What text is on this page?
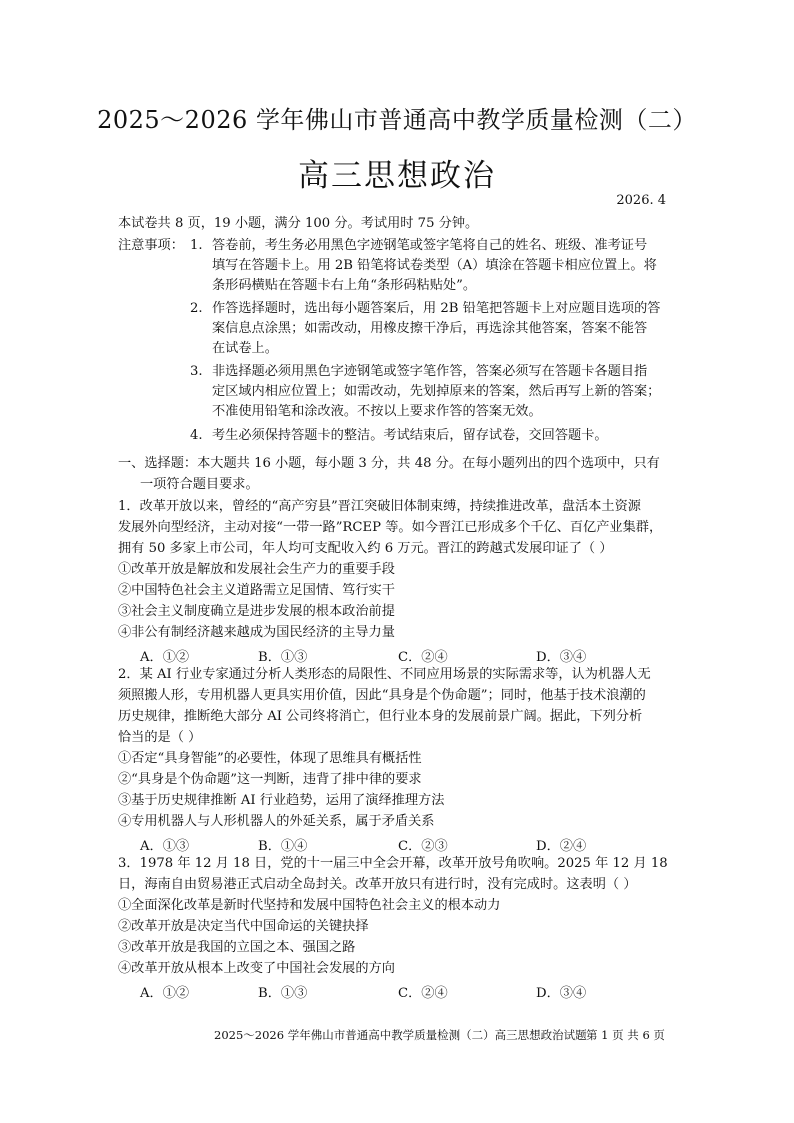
2025～2026 学年佛山市普通高中教学质量检测（二）
高三思想政治
2026. 4
本试卷共 8 页，19 小题，满分 100 分。考试用时 75 分钟。
注意事项： 1. 答卷前，考生务必用黑色字迹钢笔或签字笔将自己的姓名、班级、准考证号
填写在答题卡上。用 2B 铅笔将试卷类型（A）填涂在答题卡相应位置上。将
条形码横贴在答题卡右上角“条形码粘贴处”。
2. 作答选择题时，选出每小题答案后，用 2B 铅笔把答题卡上对应题目选项的答
案信息点涂黑；如需改动，用橡皮擦干净后，再选涂其他答案，答案不能答
在试卷上。
3. 非选择题必须用黑色字迹钢笔或签字笔作答，答案必须写在答题卡各题目指
定区域内相应位置上；如需改动，先划掉原来的答案，然后再写上新的答案；
不准使用铅笔和涂改液。不按以上要求作答的答案无效。
4. 考生必须保持答题卡的整洁。考试结束后，留存试卷，交回答题卡。
一、选择题：本大题共 16 小题，每小题 3 分，共 48 分。在每小题列出的四个选项中，只有
一项符合题目要求。
1．改革开放以来，曾经的“高产穷县”晋江突破旧体制束缚，持续推进改革，盘活本土资源
发展外向型经济，主动对接“一带一路”RCEP 等。如今晋江已形成多个千亿、百亿产业集群，
拥有 50 多家上市公司，年人均可支配收入约 6 万元。晋江的跨越式发展印证了（ ）
①改革开放是解放和发展社会生产力的重要手段
②中国特色社会主义道路需立足国情、笃行实干
③社会主义制度确立是进步发展的根本政治前提
④非公有制经济越来越成为国民经济的主导力量
A．①②	B．①③	C．②④	D．③④
2．某 AI 行业专家通过分析人类形态的局限性、不同应用场景的实际需求等，认为机器人无
须照搬人形，专用机器人更具实用价值，因此“具身是个伪命题”；同时，他基于技术浪潮的
历史规律，推断绝大部分 AI 公司终将消亡，但行业本身的发展前景广阔。据此，下列分析
恰当的是（ ）
①否定“具身智能”的必要性，体现了思维具有概括性
②“具身是个伪命题”这一判断，违背了排中律的要求
③基于历史规律推断 AI 行业趋势，运用了演绎推理方法
④专用机器人与人形机器人的外延关系，属于矛盾关系
A．①③	B．①④	C．②③	D．②④
3．1978 年 12 月 18 日，党的十一届三中全会开幕，改革开放号角吹响。2025 年 12 月 18
日，海南自由贸易港正式启动全岛封关。改革开放只有进行时，没有完成时。这表明（ ）
①全面深化改革是新时代坚持和发展中国特色社会主义的根本动力
②改革开放是决定当代中国命运的关键抉择
③改革开放是我国的立国之本、强国之路
④改革开放从根本上改变了中国社会发展的方向
A．①②	B．①③	C．②④	D．③④
2025～2026 学年佛山市普通高中教学质量检测（二）高三思想政治试题 第 1 页 共 6 页
